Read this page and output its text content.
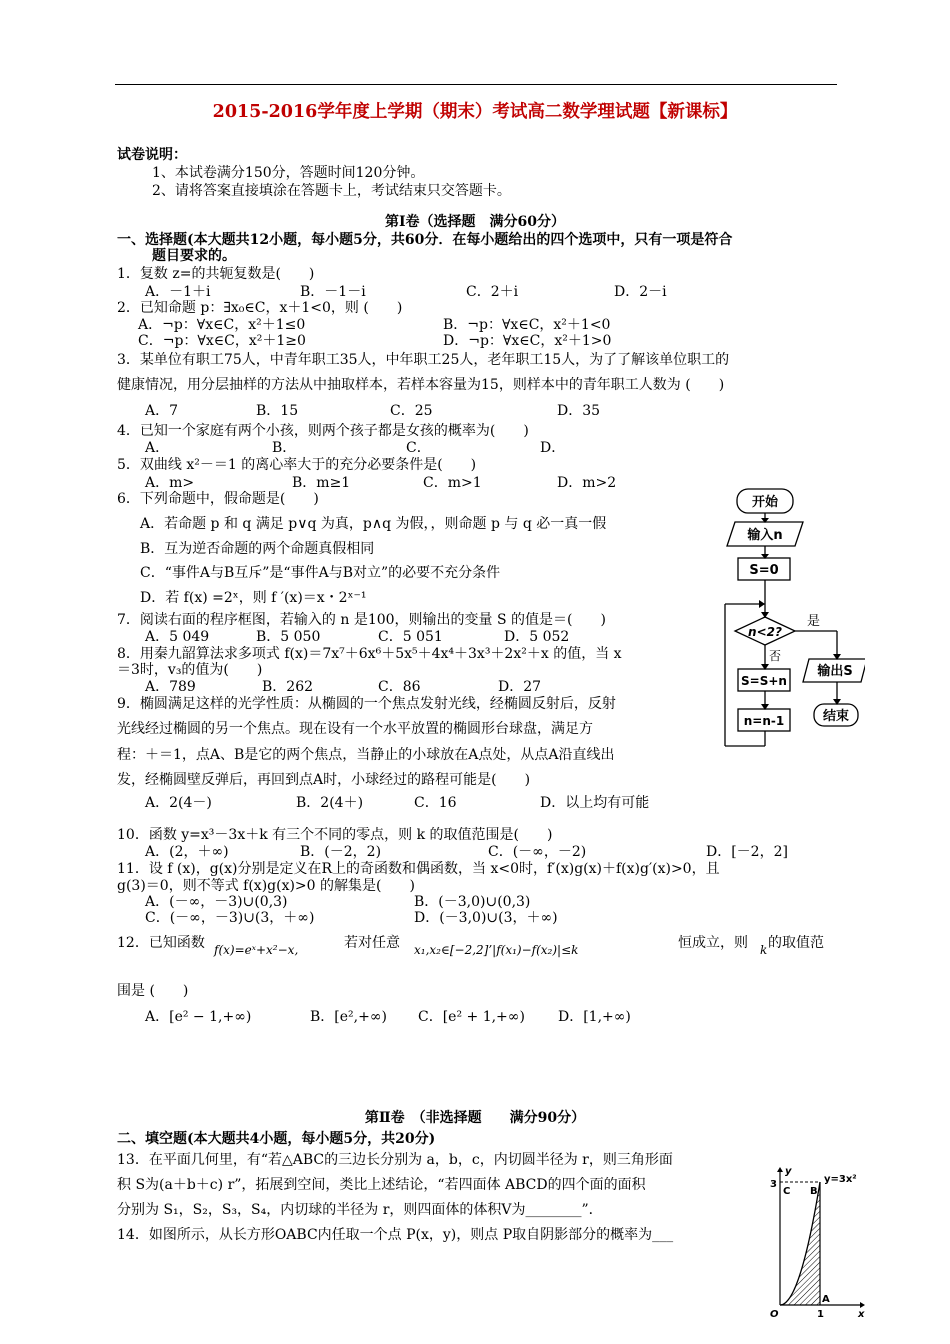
2015-2016学年度上学期（期末）考试高二数学理试题【新课标】
试卷说明：
1、本试卷满分150分，答题时间120分钟。
2、请将答案直接填涂在答题卡上，考试结束只交答题卡。
第Ⅰ卷（选择题　满分60分）
一、选择题(本大题共12小题，每小题5分，共60分．在每小题给出的四个选项中，只有一项是符合
题目要求的。
1．复数 z=的共轭复数是(　　)
A．－1＋i	B．－1－i	C．2＋i	D．2－i
2．已知命题 p：∃x₀∈C，x＋1<0，则 (　　)
A．¬p：∀x∈C，x²＋1≤0	B．¬p：∀x∈C，x²＋1<0
C．¬p：∀x∈C，x²＋1≥0	D．¬p：∀x∈C，x²＋1>0
3．某单位有职工75人，中青年职工35人，中年职工25人，老年职工15人，为了了解该单位职工的
健康情况，用分层抽样的方法从中抽取样本，若样本容量为15，则样本中的青年职工人数为 (　　)
A．7	B．15	C．25	D．35
4．已知一个家庭有两个小孩，则两个孩子都是女孩的概率为(　　)
A．	B．	C．	D．
5．双曲线 x²－＝1 的离心率大于的充分必要条件是(　　)
A．m>	B．m≥1	C．m>1	D．m>2
6．下列命题中，假命题是(　　)
A．若命题 p 和 q 满足 p∨q 为真，p∧q 为假，，则命题 p 与 q 必一真一假
B．互为逆否命题的两个命题真假相同
C．“事件A与B互斥”是“事件A与B对立”的必要不充分条件
D．若 f(x) =2ˣ，则 f ′(x)＝x・2ˣ⁻¹
7．阅读右面的程序框图，若输入的 n 是100，则输出的变量 S 的值是＝(　　)
A．5 049	B．5 050	C．5 051	D．5 052
8．用秦九韶算法求多项式 f(x)＝7x⁷＋6x⁶＋5x⁵＋4x⁴＋3x³＋2x²＋x 的值，当 x
＝3时，v₃的值为(　　)
A．789	B．262	C．86	D．27
9．椭圆满足这样的光学性质：从椭圆的一个焦点发射光线，经椭圆反射后，反射
光线经过椭圆的另一个焦点。现在设有一个水平放置的椭圆形台球盘，满足方
程：＋＝1，点A、B是它的两个焦点，当静止的小球放在A点处，从点A沿直线出
发，经椭圆壁反弹后，再回到点A时，小球经过的路程可能是(　　)
A．2(4－)	B．2(4＋)	C．16	D．以上均有可能
10．函数 y=x³－3x＋k 有三个不同的零点，则 k 的取值范围是(　　)
A．(2，＋∞)	B．(－2，2)	C．(－∞，－2)	D．[－2，2]
11．设 f (x)，g(x)分别是定义在R上的奇函数和偶函数，当 x<0时，f′(x)g(x)＋f(x)g′(x)>0，且
g(3)＝0，则不等式 f(x)g(x)>0 的解集是(　　)
A．(－∞，－3)∪(0,3)	B．(－3,0)∪(0,3)
C．(－∞，－3)∪(3，＋∞)	D．(－3,0)∪(3，＋∞)
12．已知函数 f(x)=eˣ+x²−x,	若对任意 x₁,x₂∈[−2,2]’|f(x₁)−f(x₂)|≤k	恒成立，则 k 的取值范
围是 (　　)
A．[e² − 1,+∞)	B．[e²,+∞) C．[e² + 1,+∞) D．[1,+∞)
第Ⅱ卷　（非选择题　　满分90分）
二、填空题(本大题共4小题，每小题5分，共20分)
13．在平面几何里，有“若△ABC的三边长分别为 a，b，c，内切圆半径为 r，则三角形面
积 S为(a＋b＋c) r”，拓展到空间，类比上述结论，“若四面体 ABCD的四个面的面积
分别为 S₁，S₂，S₃，S₄，内切球的半径为 r，则四面体的体积Ⅴ为________”．
14．如图所示，从长方形OABC内任取一个点 P(x，y)，则点 P取自阴影部分的概率为___
开始
输入n
S=0
n<2?
是
否
输出S
结束
S=S+n
n=n-1
y
x
y=3x²
3
1
O
A
B
C
